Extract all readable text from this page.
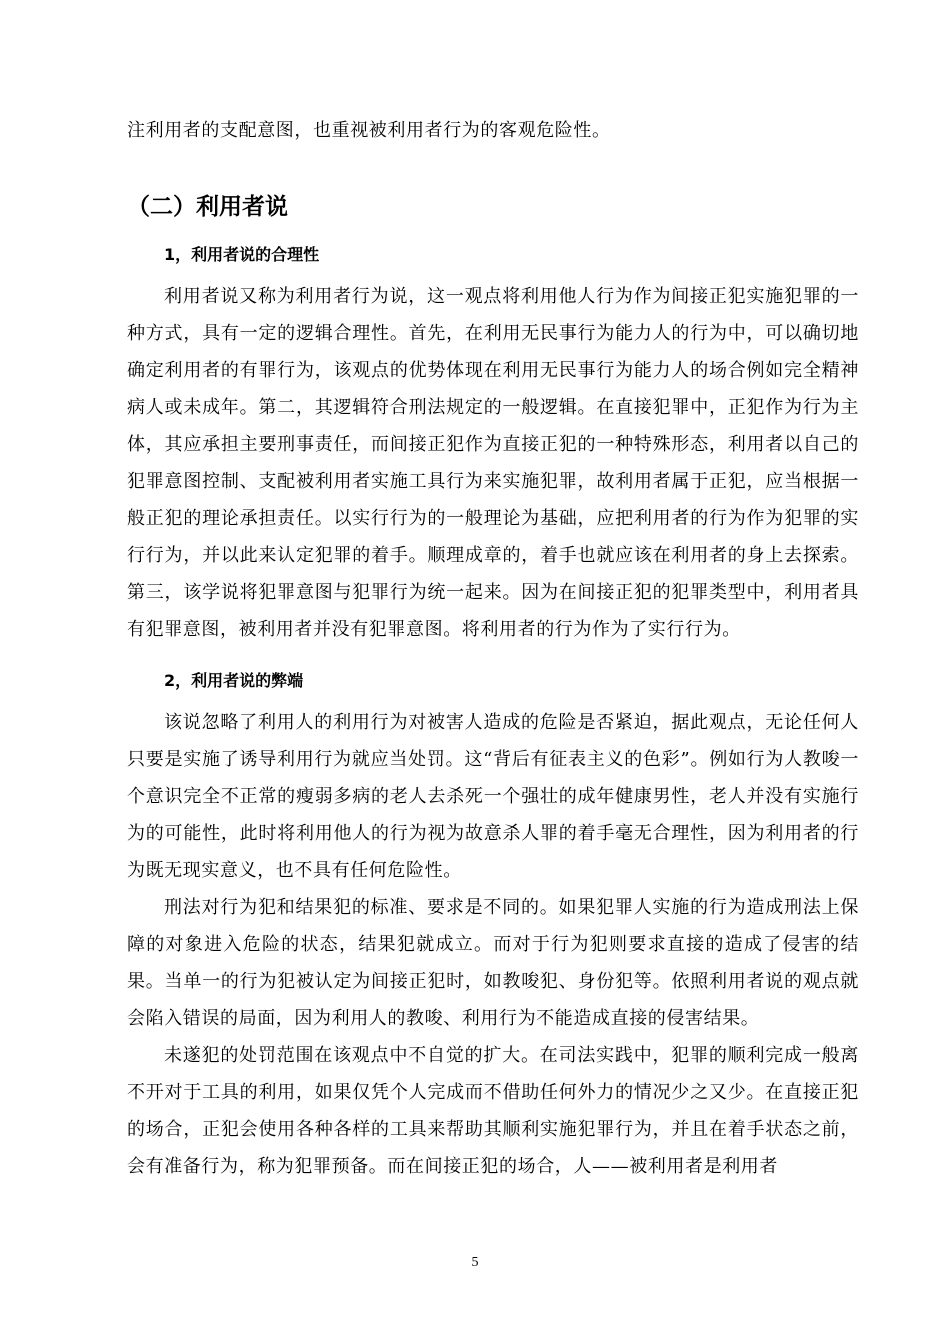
注利用者的支配意图，也重视被利用者行为的客观危险性。

（二）利用者说
1，利用者说的合理性

利用者说又称为利用者行为说，这一观点将利用他人行为作为间接正犯实施犯罪的一种方式，具有一定的逻辑合理性。首先，在利用无民事行为能力人的行为中，可以确切地确定利用者的有罪行为，该观点的优势体现在利用无民事行为能力人的场合例如完全精神病人或未成年。第二，其逻辑符合刑法规定的一般逻辑。在直接犯罪中，正犯作为行为主体，其应承担主要刑事责任，而间接正犯作为直接正犯的一种特殊形态，利用者以自己的犯罪意图控制、支配被利用者实施工具行为来实施犯罪，故利用者属于正犯，应当根据一般正犯的理论承担责任。以实行行为的一般理论为基础，应把利用者的行为作为犯罪的实行行为，并以此来认定犯罪的着手。顺理成章的，着手也就应该在利用者的身上去探索。第三，该学说将犯罪意图与犯罪行为统一起来。因为在间接正犯的犯罪类型中，利用者具有犯罪意图，被利用者并没有犯罪意图。将利用者的行为作为了实行行为。

2，利用者说的弊端

该说忽略了利用人的利用行为对被害人造成的危险是否紧迫，据此观点，无论任何人只要是实施了诱导利用行为就应当处罚。这“背后有征表主义的色彩”。例如行为人教唆一个意识完全不正常的瘦弱多病的老人去杀死一个强壮的成年健康男性，老人并没有实施行为的可能性，此时将利用他人的行为视为故意杀人罪的着手毫无合理性，因为利用者的行为既无现实意义，也不具有任何危险性。

刑法对行为犯和结果犯的标准、要求是不同的。如果犯罪人实施的行为造成刑法上保障的对象进入危险的状态，结果犯就成立。而对于行为犯则要求直接的造成了侵害的结果。当单一的行为犯被认定为间接正犯时，如教唆犯、身份犯等。依照利用者说的观点就会陷入错误的局面，因为利用人的教唆、利用行为不能造成直接的侵害结果。

未遂犯的处罚范围在该观点中不自觉的扩大。在司法实践中，犯罪的顺利完成一般离不开对于工具的利用，如果仅凭个人完成而不借助任何外力的情况少之又少。在直接正犯的场合，正犯会使用各种各样的工具来帮助其顺利实施犯罪行为，并且在着手状态之前，会有准备行为，称为犯罪预备。而在间接正犯的场合，人——被利用者是利用者

5
